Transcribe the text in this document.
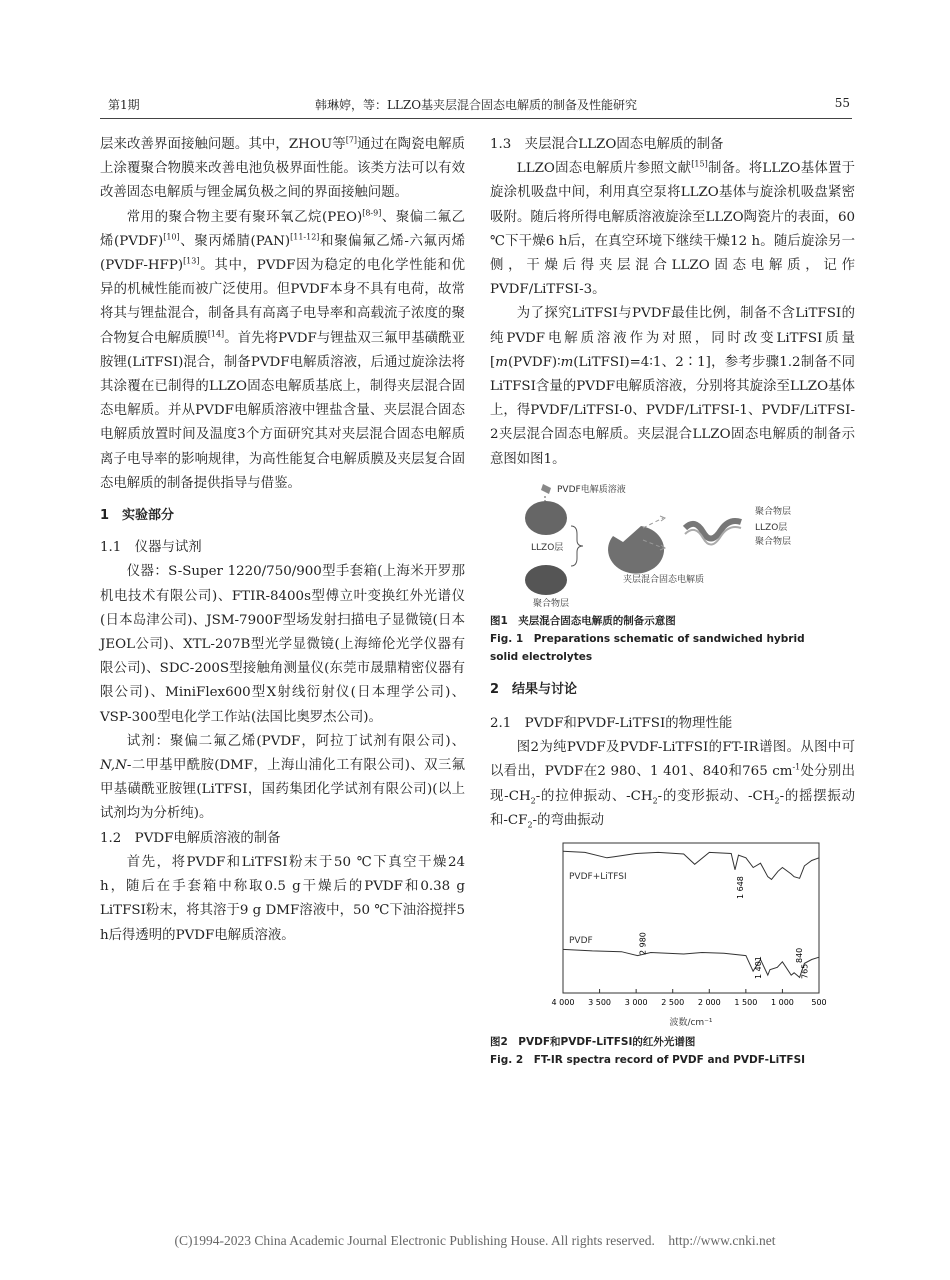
第1期	韩琳婷，等：LLZO基夹层混合固态电解质的制备及性能研究	55

层来改善界面接触问题。其中，ZHOU等[7]通过在陶瓷电解质上涂覆聚合物膜来改善电池负极界面性能。该类方法可以有效改善固态电解质与锂金属负极之间的界面接触问题。

常用的聚合物主要有聚环氧乙烷(PEO)[8-9]、聚偏二氟乙烯(PVDF)[10]、聚丙烯腈(PAN)[11-12]和聚偏氟乙烯-六氟丙烯(PVDF-HFP)[13]。其中，PVDF因为稳定的电化学性能和优异的机械性能而被广泛使用。但PVDF本身不具有电荷，故常将其与锂盐混合，制备具有高离子电导率和高载流子浓度的聚合物复合电解质膜[14]。首先将PVDF与锂盐双三氟甲基磺酰亚胺锂(LiTFSI)混合，制备PVDF电解质溶液，后通过旋涂法将其涂覆在已制得的LLZO固态电解质基底上，制得夹层混合固态电解质。并从PVDF电解质溶液中锂盐含量、夹层混合固态电解质放置时间及温度3个方面研究其对夹层混合固态电解质离子电导率的影响规律，为高性能复合电解质膜及夹层复合固态电解质的制备提供指导与借鉴。

1　实验部分

1.1　仪器与试剂

仪器：S-Super 1220/750/900型手套箱(上海米开罗那机电技术有限公司)、FTIR-8400s型傅立叶变换红外光谱仪(日本岛津公司)、JSM-7900F型场发射扫描电子显微镜(日本JEOL公司)、XTL-207B型光学显微镜(上海缔伦光学仪器有限公司)、SDC-200S型接触角测量仪(东莞市晟鼎精密仪器有限公司)、MiniFlex600型X射线衍射仪(日本理学公司)、VSP-300型电化学工作站(法国比奥罗杰公司)。

试剂：聚偏二氟乙烯(PVDF，阿拉丁试剂有限公司)、N,N-二甲基甲酰胺(DMF，上海山浦化工有限公司)、双三氟甲基磺酰亚胺锂(LiTFSI，国药集团化学试剂有限公司)(以上试剂均为分析纯)。

1.2　PVDF电解质溶液的制备

首先，将PVDF和LiTFSI粉末于50 ℃下真空干燥24 h，随后在手套箱中称取0.5 g干燥后的PVDF和0.38 g LiTFSI粉末，将其溶于9 g DMF溶液中，50 ℃下油浴搅拌5 h后得透明的PVDF电解质溶液。

1.3　夹层混合LLZO固态电解质的制备

LLZO固态电解质片参照文献[15]制备。将LLZO基体置于旋涂机吸盘中间，利用真空泵将LLZO基体与旋涂机吸盘紧密吸附。随后将所得电解质溶液旋涂至LLZO陶瓷片的表面，60 ℃下干燥6 h后，在真空环境下继续干燥12 h。随后旋涂另一侧，干燥后得夹层混合LLZO固态电解质，记作PVDF/LiTFSI-3。

为了探究LiTFSI与PVDF最佳比例，制备不含LiTFSI的纯PVDF电解质溶液作为对照，同时改变LiTFSI质量[m(PVDF)∶m(LiTFSI)=4∶1、2∶1]，参考步骤1.2制备不同LiTFSI含量的PVDF电解质溶液，分别将其旋涂至LLZO基体上，得PVDF/LiTFSI-0、PVDF/LiTFSI-1、PVDF/LiTFSI-2夹层混合固态电解质。夹层混合LLZO固态电解质的制备示意图如图1。

PVDF电解质溶液
LLZO层
聚合物层
夹层混合固态电解质
聚合物层
LLZO层
聚合物层

图1　夹层混合固态电解质的制备示意图

Fig. 1　Preparations schematic of sandwiched hybrid

solid electrolytes

2　结果与讨论

2.1　PVDF和PVDF-LiTFSI的物理性能

图2为纯PVDF及PVDF-LiTFSI的FT-IR谱图。从图中可以看出，PVDF在2 980、1 401、840和765 $cm^{-1}$处分别出现$-CH_2-$的拉伸振动、$-CH_2-$的变形振动、$-CH_2-$的摇摆振动和$-CF_2-$的弯曲振动

4 000 3 500 3 000 2 500 2 000 1 500 1 000 500
1 648
2 980
1 401
840
765
PVDF+LiTFSI
PVDF
波数/cm⁻¹

图2　PVDF和PVDF-LiTFSI的红外光谱图

Fig. 2　FT-IR spectra record of PVDF and PVDF-LiTFSI

(C)1994-2023 China Academic Journal Electronic Publishing House. All rights reserved.    http://www.cnki.net
